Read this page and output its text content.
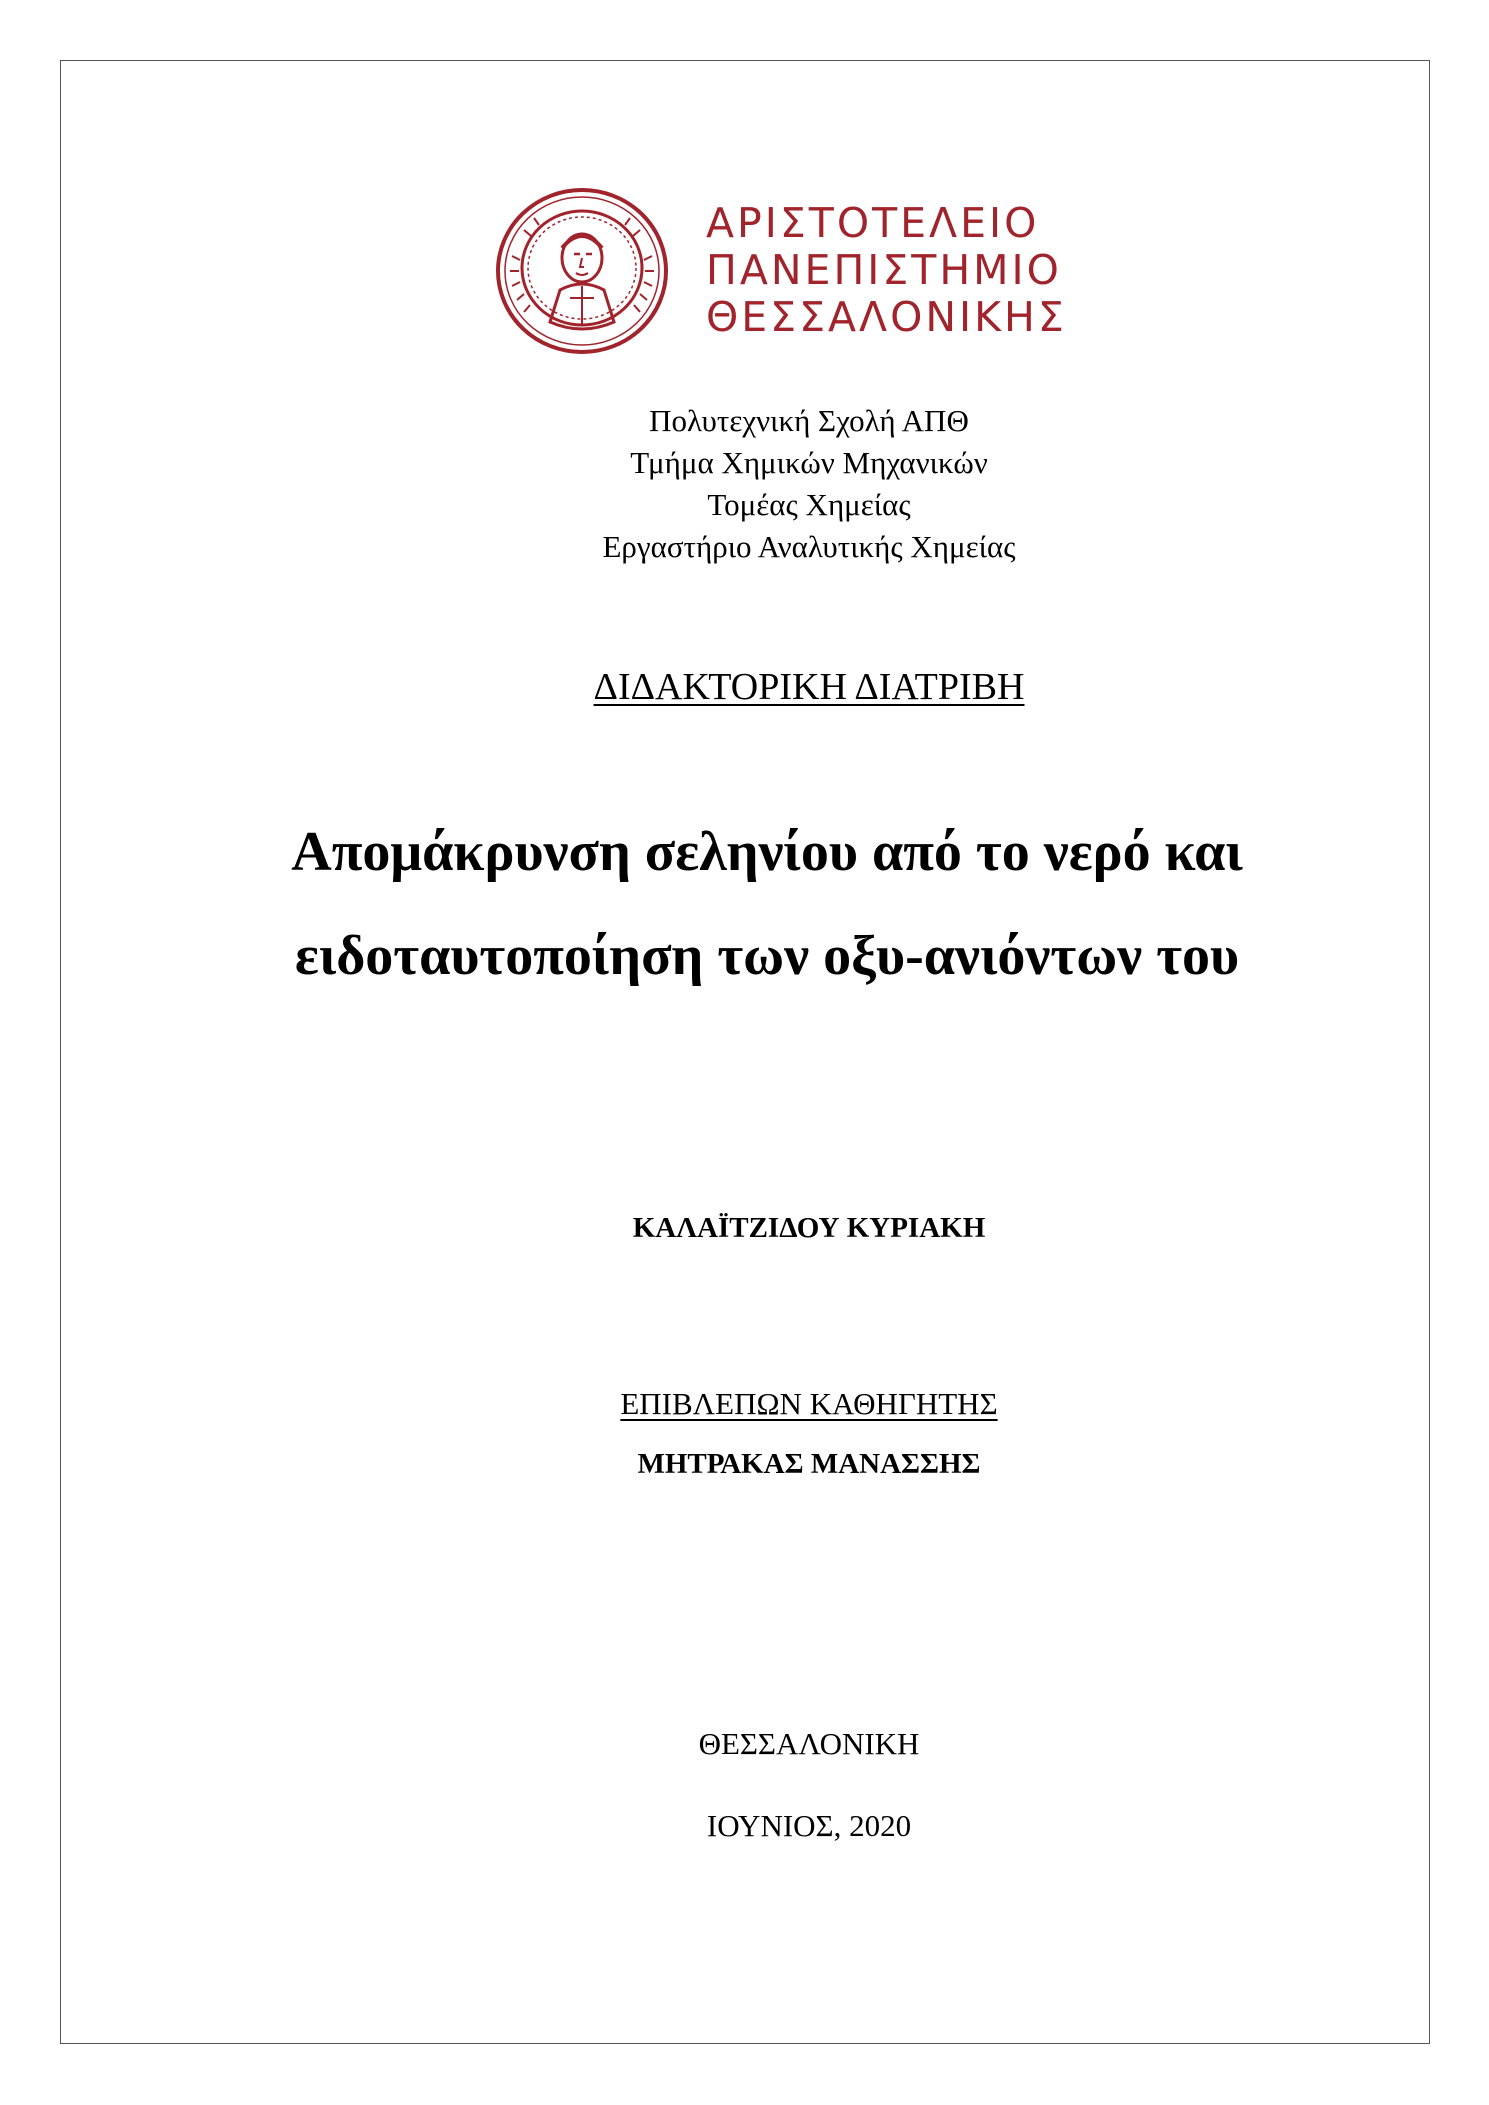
ΑΡΙΣΤΟΤΕΛΕΙΟ
ΠΑΝΕΠΙΣΤΗΜΙΟ
ΘΕΣΣΑΛΟΝΙΚΗΣ
Πολυτεχνική Σχολή ΑΠΘ
Τμήμα Χημικών Μηχανικών
Τομέας Χημείας
Εργαστήριο Αναλυτικής Χημείας
ΔΙΔΑΚΤΟΡΙΚΗ ΔΙΑΤΡΙΒΗ
Απομάκρυνση σεληνίου από το νερό και
ειδοταυτοποίηση των οξυ-ανιόντων του
ΚΑΛΑΪΤΖΙΔΟΥ ΚΥΡΙΑΚΗ
ΕΠΙΒΛΕΠΩΝ ΚΑΘΗΓΗΤΗΣ
ΜΗΤΡΑΚΑΣ ΜΑΝΑΣΣΗΣ
ΘΕΣΣΑΛΟΝΙΚΗ
ΙΟΥΝΙΟΣ, 2020
